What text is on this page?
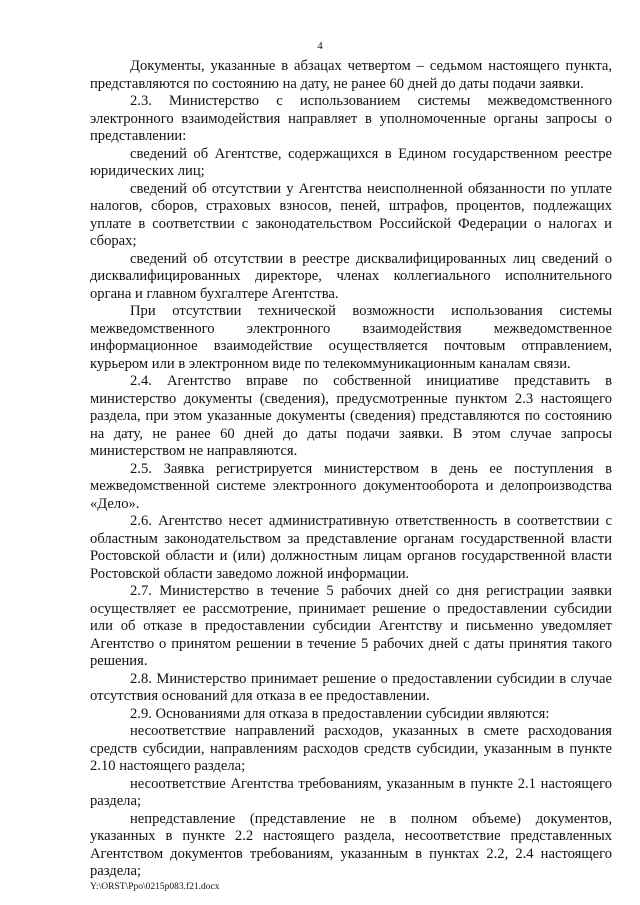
4

Документы, указанные в абзацах четвертом – седьмом настоящего пункта, представляются по состоянию на дату, не ранее 60 дней до даты подачи заявки.

2.3. Министерство с использованием системы межведомственного электронного взаимодействия направляет в уполномоченные органы запросы о представлении:

сведений об Агентстве, содержащихся в Едином государственном реестре юридических лиц;

сведений об отсутствии у Агентства неисполненной обязанности по уплате налогов, сборов, страховых взносов, пеней, штрафов, процентов, подлежащих уплате в соответствии с законодательством Российской Федерации о налогах и сборах;

сведений об отсутствии в реестре дисквалифицированных лиц сведений о дисквалифицированных директоре, членах коллегиального исполнительного органа и главном бухгалтере Агентства.

При отсутствии технической возможности использования системы межведомственного электронного взаимодействия межведомственное информационное взаимодействие осуществляется почтовым отправлением, курьером или в электронном виде по телекоммуникационным каналам связи.

2.4. Агентство вправе по собственной инициативе представить в министерство документы (сведения), предусмотренные пунктом 2.3 настоящего раздела, при этом указанные документы (сведения) представляются по состоянию на дату, не ранее 60 дней до даты подачи заявки. В этом случае запросы министерством не направляются.

2.5. Заявка регистрируется министерством в день ее поступления в межведомственной системе электронного документооборота и делопроизводства «Дело».

2.6. Агентство несет административную ответственность в соответствии с областным законодательством за представление органам государственной власти Ростовской области и (или) должностным лицам органов государственной власти Ростовской области заведомо ложной информации.

2.7. Министерство в течение 5 рабочих дней со дня регистрации заявки осуществляет ее рассмотрение, принимает решение о предоставлении субсидии или об отказе в предоставлении субсидии Агентству и письменно уведомляет Агентство о принятом решении в течение 5 рабочих дней с даты принятия такого решения.

2.8. Министерство принимает решение о предоставлении субсидии в случае отсутствия оснований для отказа в ее предоставлении.

2.9. Основаниями для отказа в предоставлении субсидии являются:

несоответствие направлений расходов, указанных в смете расходования средств субсидии, направлениям расходов средств субсидии, указанным в пункте 2.10 настоящего раздела;

несоответствие Агентства требованиям, указанным в пункте 2.1 настоящего раздела;

непредставление (представление не в полном объеме) документов, указанных в пункте 2.2 настоящего раздела, несоответствие представленных Агентством документов требованиям, указанным в пунктах 2.2, 2.4 настоящего раздела;

Y:\ORST\Ppo\0215p083.f21.docx
